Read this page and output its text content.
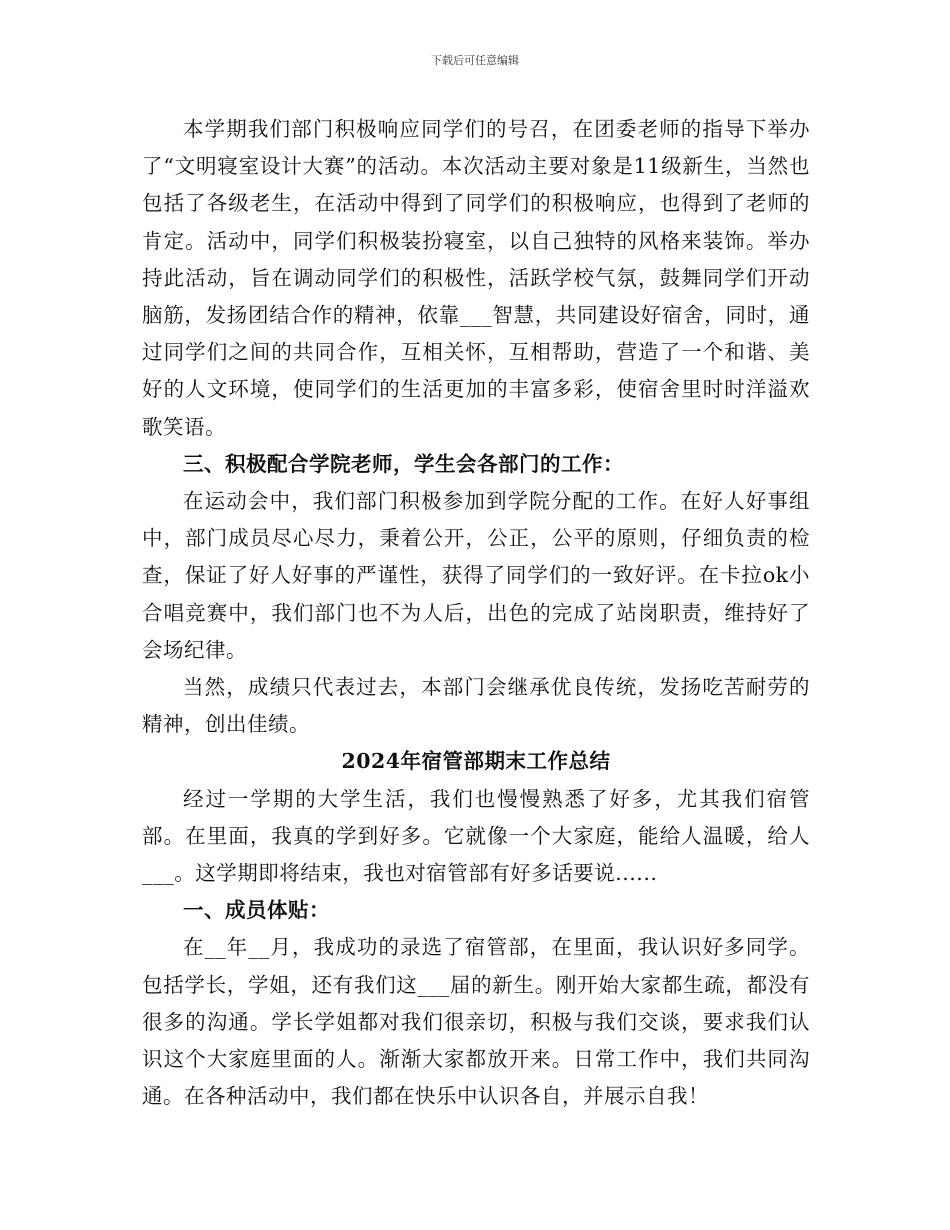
下载后可任意编辑

本学期我们部门积极响应同学们的号召，在团委老师的指导下举办了“文明寝室设计大赛”的活动。本次活动主要对象是11级新生，当然也包括了各级老生，在活动中得到了同学们的积极响应，也得到了老师的肯定。活动中，同学们积极装扮寝室，以自己独特的风格来装饰。举办持此活动，旨在调动同学们的积极性，活跃学校气氛，鼓舞同学们开动脑筋，发扬团结合作的精神，依靠___智慧，共同建设好宿舍，同时，通过同学们之间的共同合作，互相关怀，互相帮助，营造了一个和谐、美好的人文环境，使同学们的生活更加的丰富多彩，使宿舍里时时洋溢欢歌笑语。

三、积极配合学院老师，学生会各部门的工作：

在运动会中，我们部门积极参加到学院分配的工作。在好人好事组中，部门成员尽心尽力，秉着公开，公正，公平的原则，仔细负责的检查，保证了好人好事的严谨性，获得了同学们的一致好评。在卡拉ok小合唱竞赛中，我们部门也不为人后，出色的完成了站岗职责，维持好了会场纪律。

当然，成绩只代表过去，本部门会继承优良传统，发扬吃苦耐劳的精神，创出佳绩。

2024年宿管部期末工作总结

经过一学期的大学生活，我们也慢慢熟悉了好多，尤其我们宿管部。在里面，我真的学到好多。它就像一个大家庭，能给人温暖，给人___。这学期即将结束，我也对宿管部有好多话要说......

一、成员体贴：

在__年__月，我成功的录选了宿管部，在里面，我认识好多同学。包括学长，学姐，还有我们这___届的新生。刚开始大家都生疏，都没有很多的沟通。学长学姐都对我们很亲切，积极与我们交谈，要求我们认识这个大家庭里面的人。渐渐大家都放开来。日常工作中，我们共同沟通。在各种活动中，我们都在快乐中认识各自，并展示自我！
